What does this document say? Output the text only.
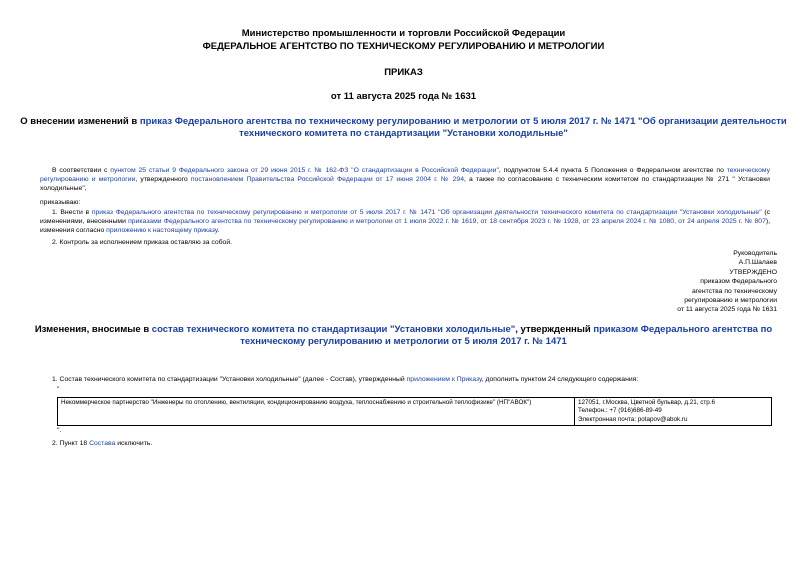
Министерство промышленности и торговли Российской Федерации
ФЕДЕРАЛЬНОЕ АГЕНТСТВО ПО ТЕХНИЧЕСКОМУ РЕГУЛИРОВАНИЮ И МЕТРОЛОГИИ
ПРИКАЗ
от 11 августа 2025 года № 1631
О внесении изменений в приказ Федерального агентства по техническому регулированию и метрологии от 5 июля 2017 г. № 1471 "Об организации деятельности
технического комитета по стандартизации "Установки холодильные"
В соответствии с пунктом 25 статьи 9 Федерального закона от 29 июня 2015 г. № 162-ФЗ "О стандартизации в Российской Федерации", подпунктом 5.4.4 пункта 5 Положения о Федеральном агентстве по техническому регулированию и метрологии, утвержденного постановлением Правительства Российской Федерации от 17 июня 2004 г. № 294, а также по согласованию с техническим комитетом по стандартизации № 271 " Установки холодильные",
приказываю:
1. Внести в приказ Федерального агентства по техническому регулированию и метрологии от 5 июля 2017 г. № 1471 "Об организации деятельности технического комитета по стандартизации "Установки холодильные" (с изменениями, внесенными приказами Федерального агентства по техническому регулированию и метрологии от 1 июля 2022 г. № 1619, от 18 сентября 2023 г. № 1928, от 23 апреля 2024 г. № 1080, от 24 апреля 2025 г. № 807), изменения согласно приложению к настоящему приказу.
2. Контроль за исполнением приказа оставляю за собой.
Руководитель
А.П.Шалаев
УТВЕРЖДЕНО
приказом Федерального
агентства по техническому
регулированию и метрологии
от 11 августа 2025 года № 1631
Изменения, вносимые в состав технического комитета по стандартизации "Установки холодильные", утвержденный приказом Федерального агентства по
техническому регулированию и метрологии от 5 июля 2017 г. № 1471
1. Состав технического комитета по стандартизации "Установки холодильные" (далее - Состав), утвержденный приложением к Приказу, дополнить пунктом 24 следующего содержания:
"
Некоммерческое партнерство "Инженеры по отоплению, вентиляции, кондиционированию воздуха, теплоснабжению и строительной теплофизике" (НП"АВОК")	127051, г.Москва, Цветной бульвар, д.21, стр.6
Телефон.: +7 (916)686-89-49
Электронная почта: potapov@abok.ru
".
2. Пункт 18 Состава исключить.
